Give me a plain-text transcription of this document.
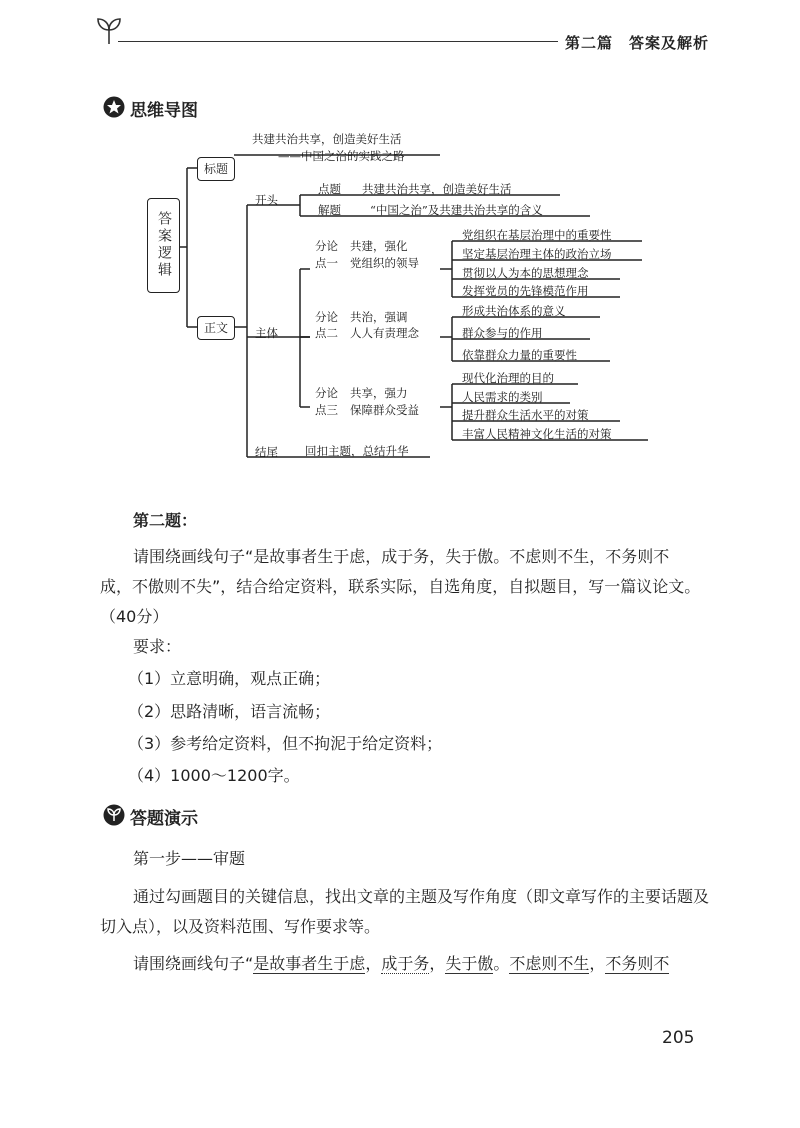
第二篇　答案及解析
思维导图
答案逻辑
标题
正文
共建共治共享，创造美好生活
——中国之治的实践之路
开头
点题 共建共治共享，创造美好生活
解题	“中国之治”及共建共治共享的含义
主体
分论
点一
共建，强化
党组织的领导
党组织在基层治理中的重要性
坚定基层治理主体的政治立场
贯彻以人为本的思想理念
发挥党员的先锋模范作用
分论
点二
共治，强调
人人有责理念
形成共治体系的意义
群众参与的作用
依靠群众力量的重要性
分论
点三
共享，强力
保障群众受益
现代化治理的目的
人民需求的类别
提升群众生活水平的对策
丰富人民精神文化生活的对策
结尾 回扣主题，总结升华
第二题：
请围绕画线句子“是故事者生于虑，成于务，失于傲。不虑则不生，不务则不
成，不傲则不失”，结合给定资料，联系实际，自选角度，自拟题目，写一篇议论文。
（40分）
要求：
（1）立意明确，观点正确；
（2）思路清晰，语言流畅；
（3）参考给定资料，但不拘泥于给定资料；
（4）1000～1200字。
答题演示
第一步——审题
通过勾画题目的关键信息，找出文章的主题及写作角度（即文章写作的主要话题及
切入点），以及资料范围、写作要求等。
请围绕画线句子“是故事者生于虑，成于务，失于傲。不虑则不生，不务则不
205
